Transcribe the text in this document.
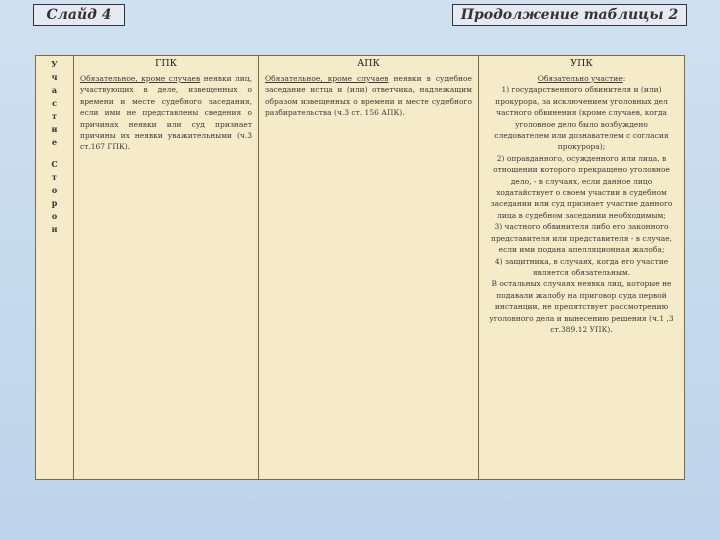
Слайд 4	Продолжение таблицы 2
У
ч
а
с
т
и
е
С
т
о
р
о
н
ГПК
Обязательное, кроме случаев неявки лиц, участвующих в деле, извещенных о времени и месте судебного заседания, если ими не представлены сведения о причинах неявки или суд признает причины их неявки уважительными (ч.3 ст.167 ГПК).
АПК
Обязательное, кроме случаев неявки в судебное заседание истца и (или) ответчика, надлежащим образом извещенных о времени и месте судебного разбирательства (ч.3 ст. 156 АПК).
УПК

Обязательно участие:

1) государственного обвинителя и (или) прокурора, за исключением уголовных дел частного обвинения (кроме случаев, когда уголовное дело было возбуждено следователем или дознавателем с согласия прокурора);

2) оправданного, осужденного или лица, в отношении которого прекращено уголовное дело, - в случаях, если данное лицо ходатайствует о своем участии в судебном заседании или суд признает участие данного лица в судебном заседании необходимым;

3) частного обвинителя либо его законного представителя или представителя - в случае, если ими подана апелляционная жалоба;

4) защитника, в случаях, когда его участие является обязательным.

В остальных случаях неявка лиц, которые не подавали жалобу на приговор суда первой инстанции, не препятствует рассмотрению уголовного дела и вынесению решения (ч.1 ,3 ст.389.12 УПК).
